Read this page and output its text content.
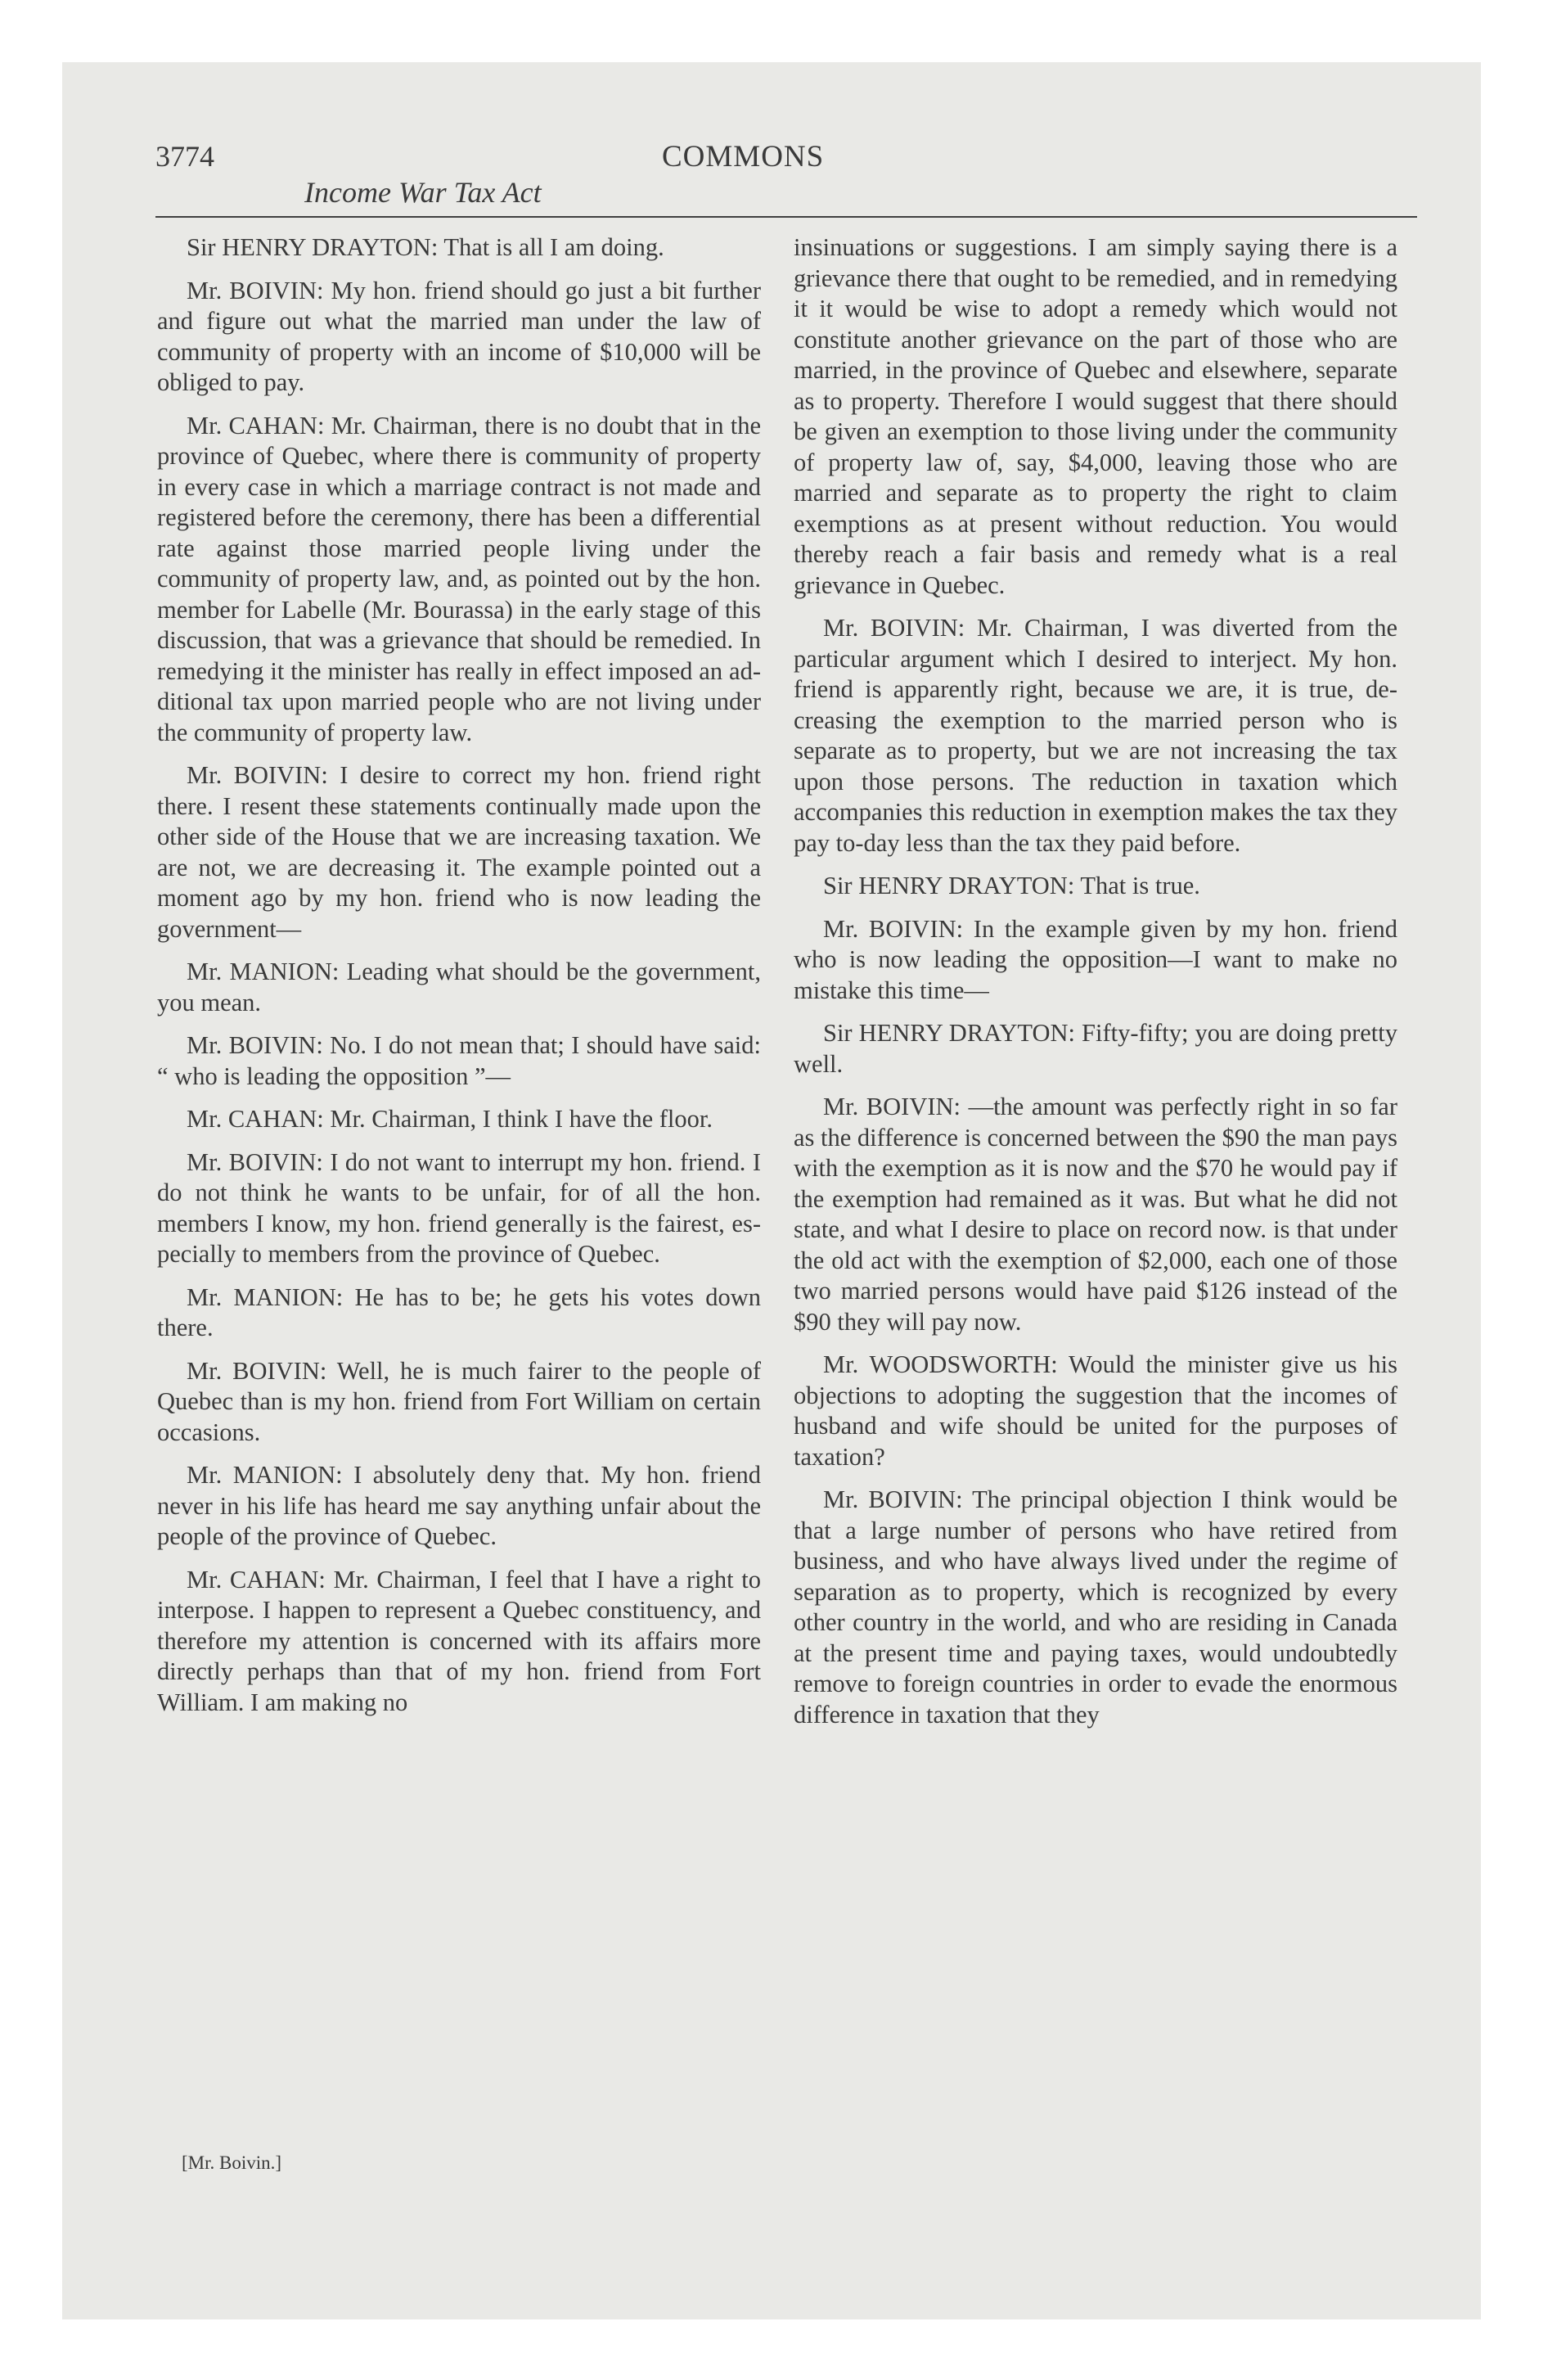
3774
Income War Tax Act
COMMONS

Sir HENRY DRAYTON: That is all I am doing.

Mr. BOIVIN: My hon. friend should go just a bit further and figure out what the married man under the law of community of property with an income of $10,000 will be obliged to pay.

Mr. CAHAN: Mr. Chairman, there is no doubt that in the province of Quebec, where there is community of property in every case in which a marriage contract is not made and registered before the ceremony, there has been a differential rate against those married people living under the community of property law, and, as pointed out by the hon. member for Labelle (Mr. Bourassa) in the early stage of this discussion, that was a grievance that should be remedied. In remedying it the minister has really in effect imposed an additional tax upon married people who are not living under the community of property law.

Mr. BOIVIN: I desire to correct my hon. friend right there. I resent these statements continually made upon the other side of the House that we are increasing taxation. We are not, we are decreasing it. The example pointed out a moment ago by my hon. friend who is now leading the government—

Mr. MANION: Leading what should be the government, you mean.

Mr. BOIVIN: No. I do not mean that; I should have said: “ who is leading the opposition ”—

Mr. CAHAN: Mr. Chairman, I think I have the floor.

Mr. BOIVIN: I do not want to interrupt my hon. friend. I do not think he wants to be unfair, for of all the hon. members I know, my hon. friend generally is the fairest, especially to members from the province of Quebec.

Mr. MANION: He has to be; he gets his votes down there.

Mr. BOIVIN: Well, he is much fairer to the people of Quebec than is my hon. friend from Fort William on certain occasions.

Mr. MANION: I absolutely deny that. My hon. friend never in his life has heard me say anything unfair about the people of the province of Quebec.

Mr. CAHAN: Mr. Chairman, I feel that I have a right to interpose. I happen to represent a Quebec constituency, and therefore my attention is concerned with its affairs more directly perhaps than that of my hon. friend from Fort William. I am making no

insinuations or suggestions. I am simply saying there is a grievance there that ought to be remedied, and in remedying it it would be wise to adopt a remedy which would not constitute another grievance on the part of those who are married, in the province of Quebec and elsewhere, separate as to property. Therefore I would suggest that there should be given an exemption to those living under the community of property law of, say, $4,000, leaving those who are married and separate as to property the right to claim exemptions as at present without reduction. You would thereby reach a fair basis and remedy what is a real grievance in Quebec.

Mr. BOIVIN: Mr. Chairman, I was diverted from the particular argument which I desired to interject. My hon. friend is apparently right, because we are, it is true, decreasing the exemption to the married person who is separate as to property, but we are not increasing the tax upon those persons. The reduction in taxation which accompanies this reduction in exemption makes the tax they pay to-day less than the tax they paid before.

Sir HENRY DRAYTON: That is true.

Mr. BOIVIN: In the example given by my hon. friend who is now leading the opposition—I want to make no mistake this time—

Sir HENRY DRAYTON: Fifty-fifty; you are doing pretty well.

Mr. BOIVIN: —the amount was perfectly right in so far as the difference is concerned between the $90 the man pays with the exemption as it is now and the $70 he would pay if the exemption had remained as it was. But what he did not state, and what I desire to place on record now. is that under the old act with the exemption of $2,000, each one of those two married persons would have paid $126 instead of the $90 they will pay now.

Mr. WOODSWORTH: Would the minister give us his objections to adopting the suggestion that the incomes of husband and wife should be united for the purposes of taxation?

Mr. BOIVIN: The principal objection I think would be that a large number of persons who have retired from business, and who have always lived under the regime of separation as to property, which is recognized by every other country in the world, and who are residing in Canada at the present time and paying taxes, would undoubtedly remove to foreign countries in order to evade the enormous difference in taxation that they

[Mr. Boivin.]
